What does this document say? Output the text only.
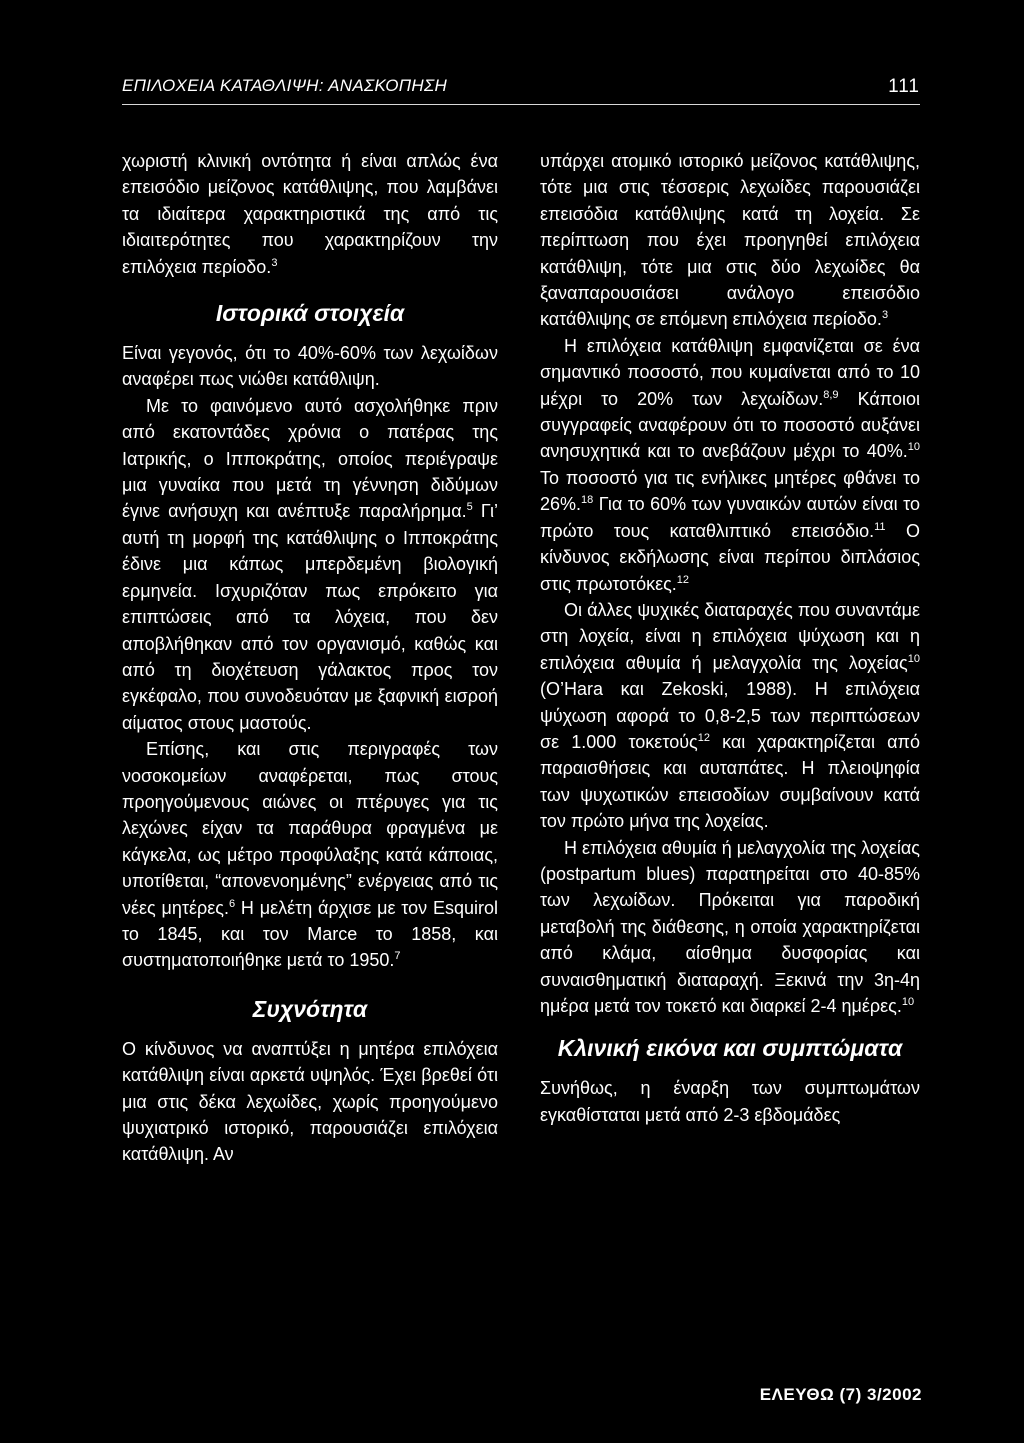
ΕΠΙΛΟΧΕΙΑ ΚΑΤΑΘΛΙΨΗ: ΑΝΑΣΚΟΠΗΣΗ	111

χωριστή κλινική οντότητα ή είναι απλώς ένα επεισόδιο μείζονος κατάθλιψης, που λαμβάνει τα ιδιαίτερα χαρακτηριστικά της από τις ιδιαιτερότητες που χαρακτηρίζουν την επιλόχεια περίοδο.$^3$

Ιστορικά στοιχεία

Είναι γεγονός, ότι το 40%-60% των λεχωίδων αναφέρει πως νιώθει κατάθλιψη.

Με το φαινόμενο αυτό ασχολήθηκε πριν από εκατοντάδες χρόνια ο πατέρας της Ιατρικής, ο Ιπποκράτης, οποίος περιέγραψε μια γυναίκα που μετά τη γέννηση διδύμων έγινε ανήσυχη και ανέπτυξε παραλήρημα.$^5$ Γι’ αυτή τη μορφή της κατάθλιψης ο Ιπποκράτης έδινε μια κάπως μπερδεμένη βιολογική ερμηνεία. Ισχυριζόταν πως επρόκειτο για επιπτώσεις από τα λόχεια, που δεν αποβλήθηκαν από τον οργανισμό, καθώς και από τη διοχέτευση γάλακτος προς τον εγκέφαλο, που συνοδευόταν με ξαφνική εισροή αίματος στους μαστούς.

Επίσης, και στις περιγραφές των νοσοκομείων αναφέρεται, πως στους προηγούμενους αιώνες οι πτέρυγες για τις λεχώνες είχαν τα παράθυρα φραγμένα με κάγκελα, ως μέτρο προφύλαξης κατά κάποιας, υποτίθεται, “απονενοημένης” ενέργειας από τις νέες μητέρες.$^6$ Η μελέτη άρχισε με τον Esquirol το 1845, και τον Marce το 1858, και συστηματοποιήθηκε μετά το 1950.$^7$

Συχνότητα

Ο κίνδυνος να αναπτύξει η μητέρα επιλόχεια κατάθλιψη είναι αρκετά υψηλός. Έχει βρεθεί ότι μια στις δέκα λεχωίδες, χωρίς προηγούμενο ψυχιατρικό ιστορικό, παρουσιάζει επιλόχεια κατάθλιψη. Αν

υπάρχει ατομικό ιστορικό μείζονος κατάθλιψης, τότε μια στις τέσσερις λεχωίδες παρουσιάζει επεισόδια κατάθλιψης κατά τη λοχεία. Σε περίπτωση που έχει προηγηθεί επιλόχεια κατάθλιψη, τότε μια στις δύο λεχωίδες θα ξαναπαρουσιάσει ανάλογο επεισόδιο κατάθλιψης σε επόμενη επιλόχεια περίοδο.$^3$

Η επιλόχεια κατάθλιψη εμφανίζεται σε ένα σημαντικό ποσοστό, που κυμαίνεται από το 10 μέχρι το 20% των λεχωίδων.$^{8,9}$ Κάποιοι συγγραφείς αναφέρουν ότι το ποσοστό αυξάνει ανησυχητικά και το ανεβάζουν μέχρι το 40%.$^{10}$ Το ποσοστό για τις ενήλικες μητέρες φθάνει το 26%.$^{18}$ Για το 60% των γυναικών αυτών είναι το πρώτο τους καταθλιπτικό επεισόδιο.$^{11}$ Ο κίνδυνος εκδήλωσης είναι περίπου διπλάσιος στις πρωτοτόκες.$^{12}$

Οι άλλες ψυχικές διαταραχές που συναντάμε στη λοχεία, είναι η επιλόχεια ψύχωση και η επιλόχεια αθυμία ή μελαγχολία της λοχείας$^{10}$ (O’Hara και Zekoski, 1988). Η επιλόχεια ψύχωση αφορά το 0,8-2,5 των περιπτώσεων σε 1.000 τοκετούς$^{12}$ και χαρακτηρίζεται από παραισθήσεις και αυταπάτες. Η πλειοψηφία των ψυχωτικών επεισοδίων συμβαίνουν κατά τον πρώτο μήνα της λοχείας.

Η επιλόχεια αθυμία ή μελαγχολία της λοχείας (postpartum blues) παρατηρείται στο 40-85% των λεχωίδων. Πρόκειται για παροδική μεταβολή της διάθεσης, η οποία χαρακτηρίζεται από κλάμα, αίσθημα δυσφορίας και συναισθηματική διαταραχή. Ξεκινά την 3η-4η ημέρα μετά τον τοκετό και διαρκεί 2-4 ημέρες.$^{10}$

Κλινική εικόνα και συμπτώματα

Συνήθως, η έναρξη των συμπτωμάτων εγκαθίσταται μετά από 2-3 εβδομάδες

ΕΛΕΥΘΩ (7) 3/2002
